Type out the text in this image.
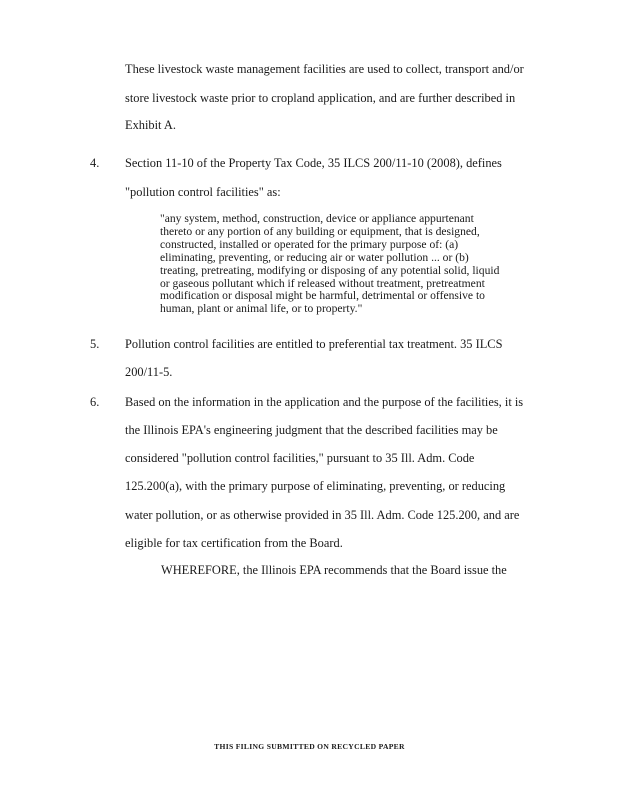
These livestock waste management facilities are used to collect, transport and/or
store livestock waste prior to cropland application, and are further described in
Exhibit A.
4. Section 11-10 of the Property Tax Code, 35 ILCS 200/11-10 (2008), defines
"pollution control facilities" as:
"any system, method, construction, device or appliance appurtenant
thereto or any portion of any building or equipment, that is designed,
constructed, installed or operated for the primary purpose of: (a)
eliminating, preventing, or reducing air or water pollution ... or (b)
treating, pretreating, modifying or disposing of any potential solid, liquid
or gaseous pollutant which if released without treatment, pretreatment
modification or disposal might be harmful, detrimental or offensive to
human, plant or animal life, or to property."
5. Pollution control facilities are entitled to preferential tax treatment. 35 ILCS
200/11-5.
6. Based on the information in the application and the purpose of the facilities, it is
the Illinois EPA's engineering judgment that the described facilities may be
considered "pollution control facilities," pursuant to 35 Ill. Adm. Code
125.200(a), with the primary purpose of eliminating, preventing, or reducing
water pollution, or as otherwise provided in 35 Ill. Adm. Code 125.200, and are
eligible for tax certification from the Board.
WHEREFORE, the Illinois EPA recommends that the Board issue the
THIS FILING SUBMITTED ON RECYCLED PAPER
